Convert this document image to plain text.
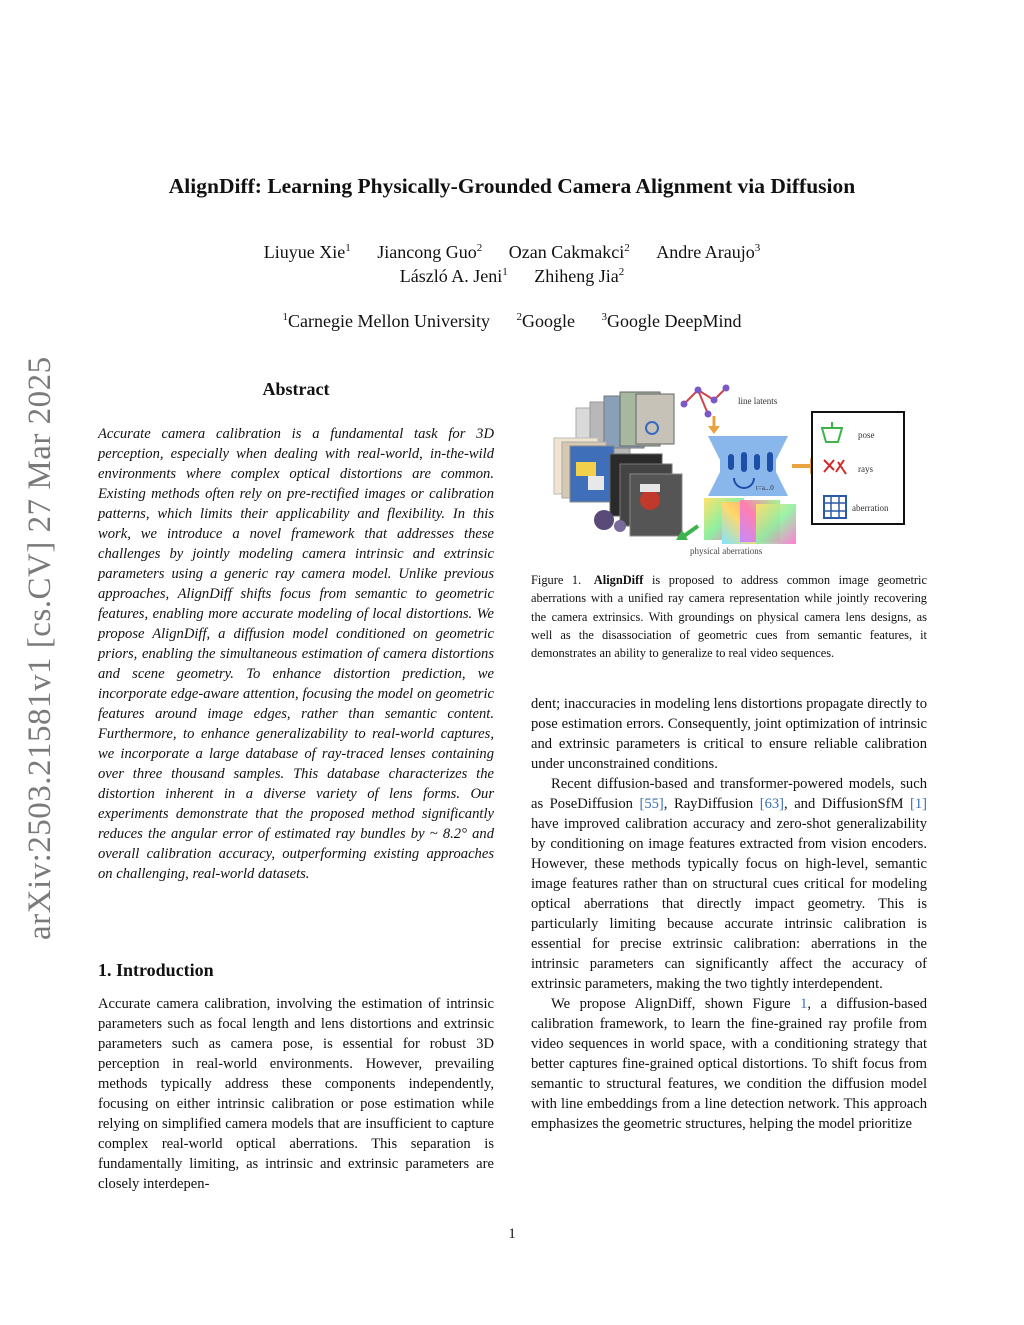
arXiv:2503.21581v1 [cs.CV] 27 Mar 2025
AlignDiff: Learning Physically-Grounded Camera Alignment via Diffusion
Liuyue Xie$^1$ Jiancong Guo$^2$ Ozan Cakmakci$^2$ Andre Araujo$^3$
László A. Jeni$^1$ Zhiheng Jia$^2$
$^1$Carnegie Mellon University $^2$Google $^3$Google DeepMind
Abstract
Accurate camera calibration is a fundamental task for 3D perception, especially when dealing with real-world, in-the-wild environments where complex optical distortions are common. Existing methods often rely on pre-rectified images or calibration patterns, which limits their applicability and flexibility. In this work, we introduce a novel framework that addresses these challenges by jointly modeling camera intrinsic and extrinsic parameters using a generic ray camera model. Unlike previous approaches, AlignDiff shifts focus from semantic to geometric features, enabling more accurate modeling of local distortions. We propose AlignDiff, a diffusion model conditioned on geometric priors, enabling the simultaneous estimation of camera distortions and scene geometry. To enhance distortion prediction, we incorporate edge-aware attention, focusing the model on geometric features around image edges, rather than semantic content. Furthermore, to enhance generalizability to real-world captures, we incorporate a large database of ray-traced lenses containing over three thousand samples. This database characterizes the distortion inherent in a diverse variety of lens forms. Our experiments demonstrate that the proposed method significantly reduces the angular error of estimated ray bundles by ~ 8.2° and overall calibration accuracy, outperforming existing approaches on challenging, real-world datasets.
1. Introduction
Accurate camera calibration, involving the estimation of intrinsic parameters such as focal length and lens distortions and extrinsic parameters such as camera pose, is essential for robust 3D perception in real-world environments. However, prevailing methods typically address these components independently, focusing on either intrinsic calibration or pose estimation while relying on simplified camera models that are insufficient to capture complex real-world optical aberrations. This separation is fundamentally limiting, as intrinsic and extrinsic parameters are closely interdepen-
line latents
t=a...0
pose
rays
aberration
physical aberrations
Figure 1. AlignDiff is proposed to address common image geometric aberrations with a unified ray camera representation while jointly recovering the camera extrinsics. With groundings on physical camera lens designs, as well as the disassociation of geometric cues from semantic features, it demonstrates an ability to generalize to real video sequences.

dent; inaccuracies in modeling lens distortions propagate directly to pose estimation errors. Consequently, joint optimization of intrinsic and extrinsic parameters is critical to ensure reliable calibration under unconstrained conditions.

Recent diffusion-based and transformer-powered models, such as PoseDiffusion [55], RayDiffusion [63], and DiffusionSfM [1] have improved calibration accuracy and zero-shot generalizability by conditioning on image features extracted from vision encoders. However, these methods typically focus on high-level, semantic image features rather than on structural cues critical for modeling optical aberrations that directly impact geometry. This is particularly limiting because accurate intrinsic calibration is essential for precise extrinsic calibration: aberrations in the intrinsic parameters can significantly affect the accuracy of extrinsic parameters, making the two tightly interdependent.

We propose AlignDiff, shown Figure 1, a diffusion-based calibration framework, to learn the fine-grained ray profile from video sequences in world space, with a conditioning strategy that better captures fine-grained optical distortions. To shift focus from semantic to structural features, we condition the diffusion model with line embeddings from a line detection network. This approach emphasizes the geometric structures, helping the model prioritize

1
